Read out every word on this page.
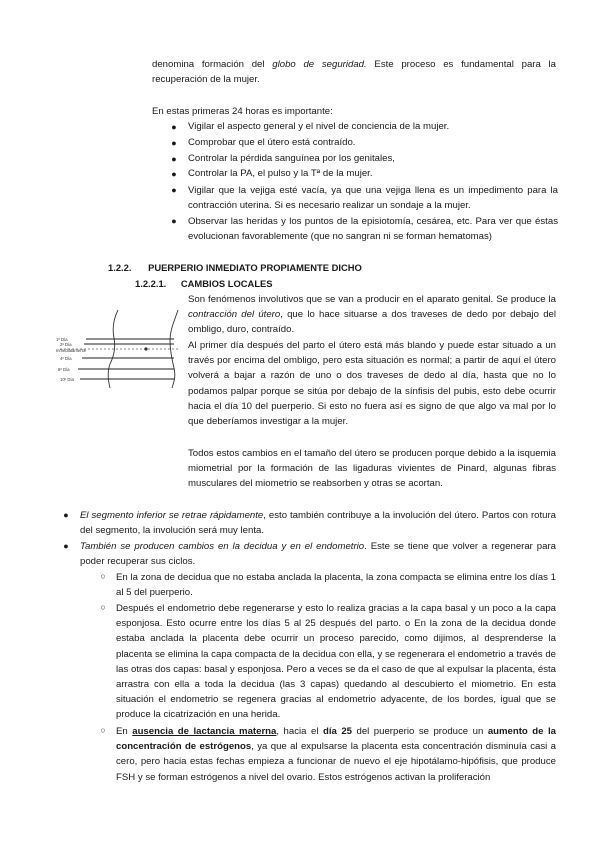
denomina formación del globo de seguridad. Este proceso es fundamental para la recuperación de la mujer.

En estas primeras 24 horas es importante:

●	Vigilar el aspecto general y el nivel de conciencia de la mujer.

●	Comprobar que el útero está contraído.

●	Controlar la pérdida sanguínea por los genitales,

●	Controlar la PA, el pulso y la Tª de la mujer.

●	Vigilar que la vejiga esté vacía, ya que una vejiga llena es un impedimento para la contracción uterina. Si es necesario realizar un sondaje a la mujer.

●	Observar las heridas y los puntos de la episiotomía, cesárea, etc. Para ver que éstas evolucionan favorablemente (que no sangran ni se forman hematomas)

1.2.2. PUERPERIO INMEDIATO PROPIAMENTE DICHO
1.2.2.1. CAMBIOS LOCALES
1º Día
2º Día
Inmediatamente
4º Día
6º Día
10º Día

Son fenómenos involutivos que se van a producir en el aparato genital. Se produce la contracción del útero, que lo hace situarse a dos traveses de dedo por debajo del ombligo, duro, contraído.

Al primer día después del parto el útero está más blando y puede estar situado a un través por encima del ombligo, pero esta situación es normal; a partir de aquí el útero volverá a bajar a razón de uno o dos traveses de dedo al día, hasta que no lo podamos palpar porque se sitúa por debajo de la sínfisis del pubis, esto debe ocurrir hacia el día 10 del puerperio. Si esto no fuera así es signo de que algo va mal por lo que deberíamos investigar a la mujer.

Todos estos cambios en el tamaño del útero se producen porque debido a la isquemia miometrial por la formación de las ligaduras vivientes de Pinard, algunas fibras musculares del miometrio se reabsorben y otras se acortan.

●	El segmento inferior se retrae rápidamente, esto también contribuye a la involución del útero. Partos con rotura del segmento, la involución será muy lenta.

●	También se producen cambios en la decidua y en el endometrio. Este se tiene que volver a regenerar para poder recuperar sus ciclos.

○ En la zona de decidua que no estaba anclada la placenta, la zona compacta se elimina entre los días 1 al 5 del puerperio.

○ Después el endometrio debe regenerarse y esto lo realiza gracias a la capa basal y un poco a la capa esponjosa. Esto ocurre entre los días 5 al 25 después del parto. o En la zona de la decidua donde estaba anclada la placenta debe ocurrir un proceso parecido, como dijimos, al desprenderse la placenta se elimina la capa compacta de la decidua con ella, y se regenerara el endometrio a través de las otras dos capas: basal y esponjosa. Pero a veces se da el caso de que al expulsar la placenta, ésta arrastra con ella a toda la decidua (las 3 capas) quedando al descubierto el miometrio. En esta situación el endometrio se regenera gracias al endometrio adyacente, de los bordes, igual que se produce la cicatrización en una herida.

○ En ausencia de lactancia materna, hacia el día 25 del puerperio se produce un aumento de la concentración de estrógenos, ya que al expulsarse la placenta esta concentración disminuía casi a cero, pero hacia estas fechas empieza a funcionar de nuevo el eje hipotálamo-hipófisis, que produce FSH y se forman estrógenos a nivel del ovario. Estos estrógenos activan la proliferación
